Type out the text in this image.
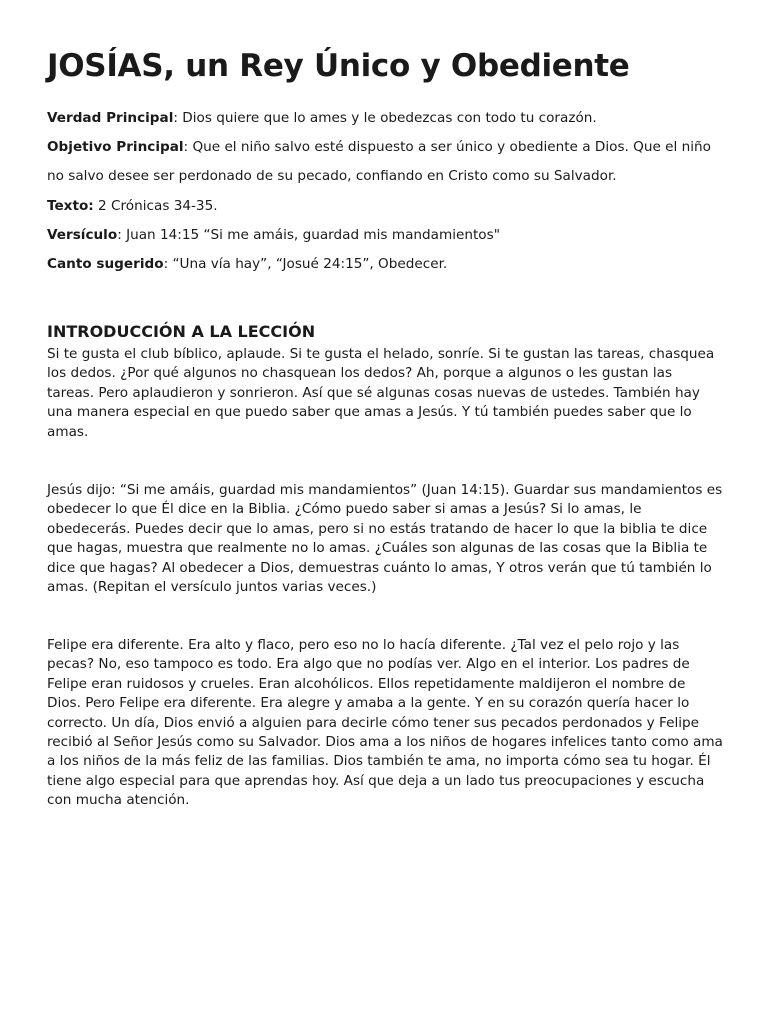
JOSÍAS, un Rey Único y Obediente

Verdad Principal: Dios quiere que lo ames y le obedezcas con todo tu corazón.

Objetivo Principal: Que el niño salvo esté dispuesto a ser único y obediente a Dios. Que el niño no salvo desee ser perdonado de su pecado, confiando en Cristo como su Salvador.

Texto: 2 Crónicas 34-35.

Versículo: Juan 14:15 “Si me amáis, guardad mis mandamientos"

Canto sugerido: “Una vía hay”, “Josué 24:15”, Obedecer.

INTRODUCCIÓN A LA LECCIÓN

Si te gusta el club bíblico, aplaude. Si te gusta el helado, sonríe. Si te gustan las tareas, chasquea los dedos. ¿Por qué algunos no chasquean los dedos? Ah, porque a algunos o les gustan las tareas. Pero aplaudieron y sonrieron. Así que sé algunas cosas nuevas de ustedes. También hay una manera especial en que puedo saber que amas a Jesús. Y tú también puedes saber que lo amas.

Jesús dijo: “Si me amáis, guardad mis mandamientos” (Juan 14:15). Guardar sus mandamientos es obedecer lo que Él dice en la Biblia. ¿Cómo puedo saber si amas a Jesús? Si lo amas, le obedecerás. Puedes decir que lo amas, pero si no estás tratando de hacer lo que la biblia te dice que hagas, muestra que realmente no lo amas. ¿Cuáles son algunas de las cosas que la Biblia te dice que hagas? Al obedecer a Dios, demuestras cuánto lo amas, Y otros verán que tú también lo amas. (Repitan el versículo juntos varias veces.)

Felipe era diferente. Era alto y flaco, pero eso no lo hacía diferente. ¿Tal vez el pelo rojo y las pecas? No, eso tampoco es todo. Era algo que no podías ver. Algo en el interior. Los padres de Felipe eran ruidosos y crueles. Eran alcohólicos. Ellos repetidamente maldijeron el nombre de Dios. Pero Felipe era diferente. Era alegre y amaba a la gente. Y en su corazón quería hacer lo correcto. Un día, Dios envió a alguien para decirle cómo tener sus pecados perdonados y Felipe recibió al Señor Jesús como su Salvador. Dios ama a los niños de hogares infelices tanto como ama a los niños de la más feliz de las familias. Dios también te ama, no importa cómo sea tu hogar. Él tiene algo especial para que aprendas hoy. Así que deja a un lado tus preocupaciones y escucha con mucha atención.
